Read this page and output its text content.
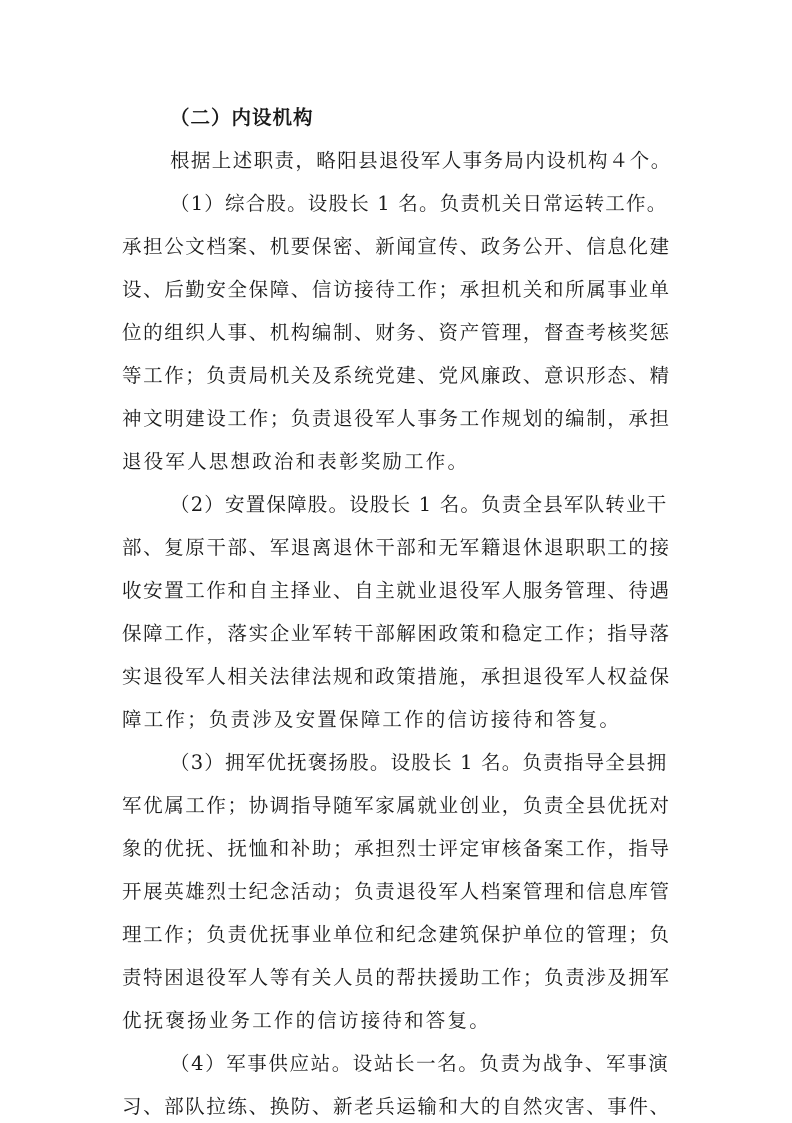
（二）内设机构

根据上述职责，略阳县退役军人事务局内设机构４个。

（1）综合股。设股长 1 名。负责机关日常运转工作。

承担公文档案、机要保密、新闻宣传、政务公开、信息化建

设、后勤安全保障、信访接待工作；承担机关和所属事业单

位的组织人事、机构编制、财务、资产管理，督查考核奖惩

等工作；负责局机关及系统党建、党风廉政、意识形态、精

神文明建设工作；负责退役军人事务工作规划的编制，承担

退役军人思想政治和表彰奖励工作。

（2）安置保障股。设股长 1 名。负责全县军队转业干

部、复原干部、军退离退休干部和无军籍退休退职职工的接

收安置工作和自主择业、自主就业退役军人服务管理、待遇

保障工作，落实企业军转干部解困政策和稳定工作；指导落

实退役军人相关法律法规和政策措施，承担退役军人权益保

障工作；负责涉及安置保障工作的信访接待和答复。

（3）拥军优抚褒扬股。设股长 1 名。负责指导全县拥

军优属工作；协调指导随军家属就业创业，负责全县优抚对

象的优抚、抚恤和补助；承担烈士评定审核备案工作，指导

开展英雄烈士纪念活动；负责退役军人档案管理和信息库管

理工作；负责优抚事业单位和纪念建筑保护单位的管理；负

责特困退役军人等有关人员的帮扶援助工作；负责涉及拥军

优抚褒扬业务工作的信访接待和答复。

（4）军事供应站。设站长一名。负责为战争、军事演

习、部队拉练、换防、新老兵运输和大的自然灾害、事件、
